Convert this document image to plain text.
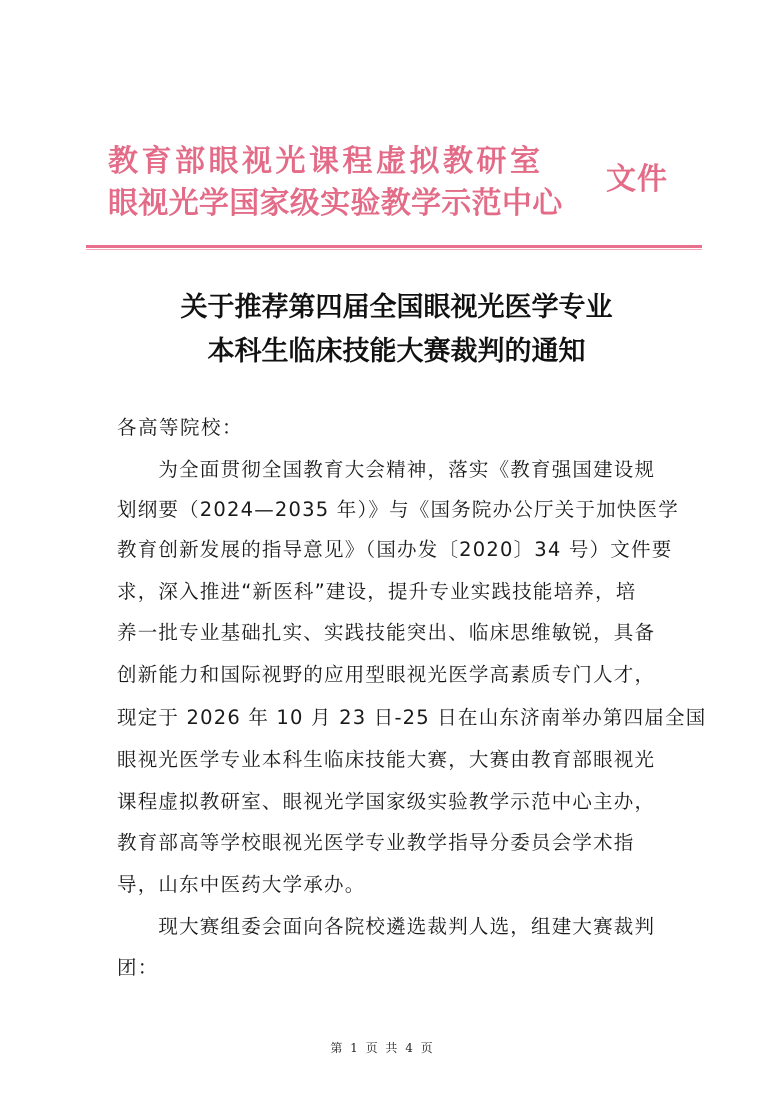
教育部眼视光课程虚拟教研室
眼视光学国家级实验教学示范中心
文件
关于推荐第四届全国眼视光医学专业
本科生临床技能大赛裁判的通知
各高等院校：
　　为全面贯彻全国教育大会精神，落实《教育强国建设规
划纲要（2024—2035 年）》与《国务院办公厅关于加快医学
教育创新发展的指导意见》（国办发〔2020〕34 号）文件要
求，深入推进“新医科”建设，提升专业实践技能培养，培
养一批专业基础扎实、实践技能突出、临床思维敏锐，具备
创新能力和国际视野的应用型眼视光医学高素质专门人才，
现定于 2026 年 10 月 23 日-25 日在山东济南举办第四届全国
眼视光医学专业本科生临床技能大赛，大赛由教育部眼视光
课程虚拟教研室、眼视光学国家级实验教学示范中心主办，
教育部高等学校眼视光医学专业教学指导分委员会学术指
导，山东中医药大学承办。
　　现大赛组委会面向各院校遴选裁判人选，组建大赛裁判
团：
第 1 页 共 4 页
